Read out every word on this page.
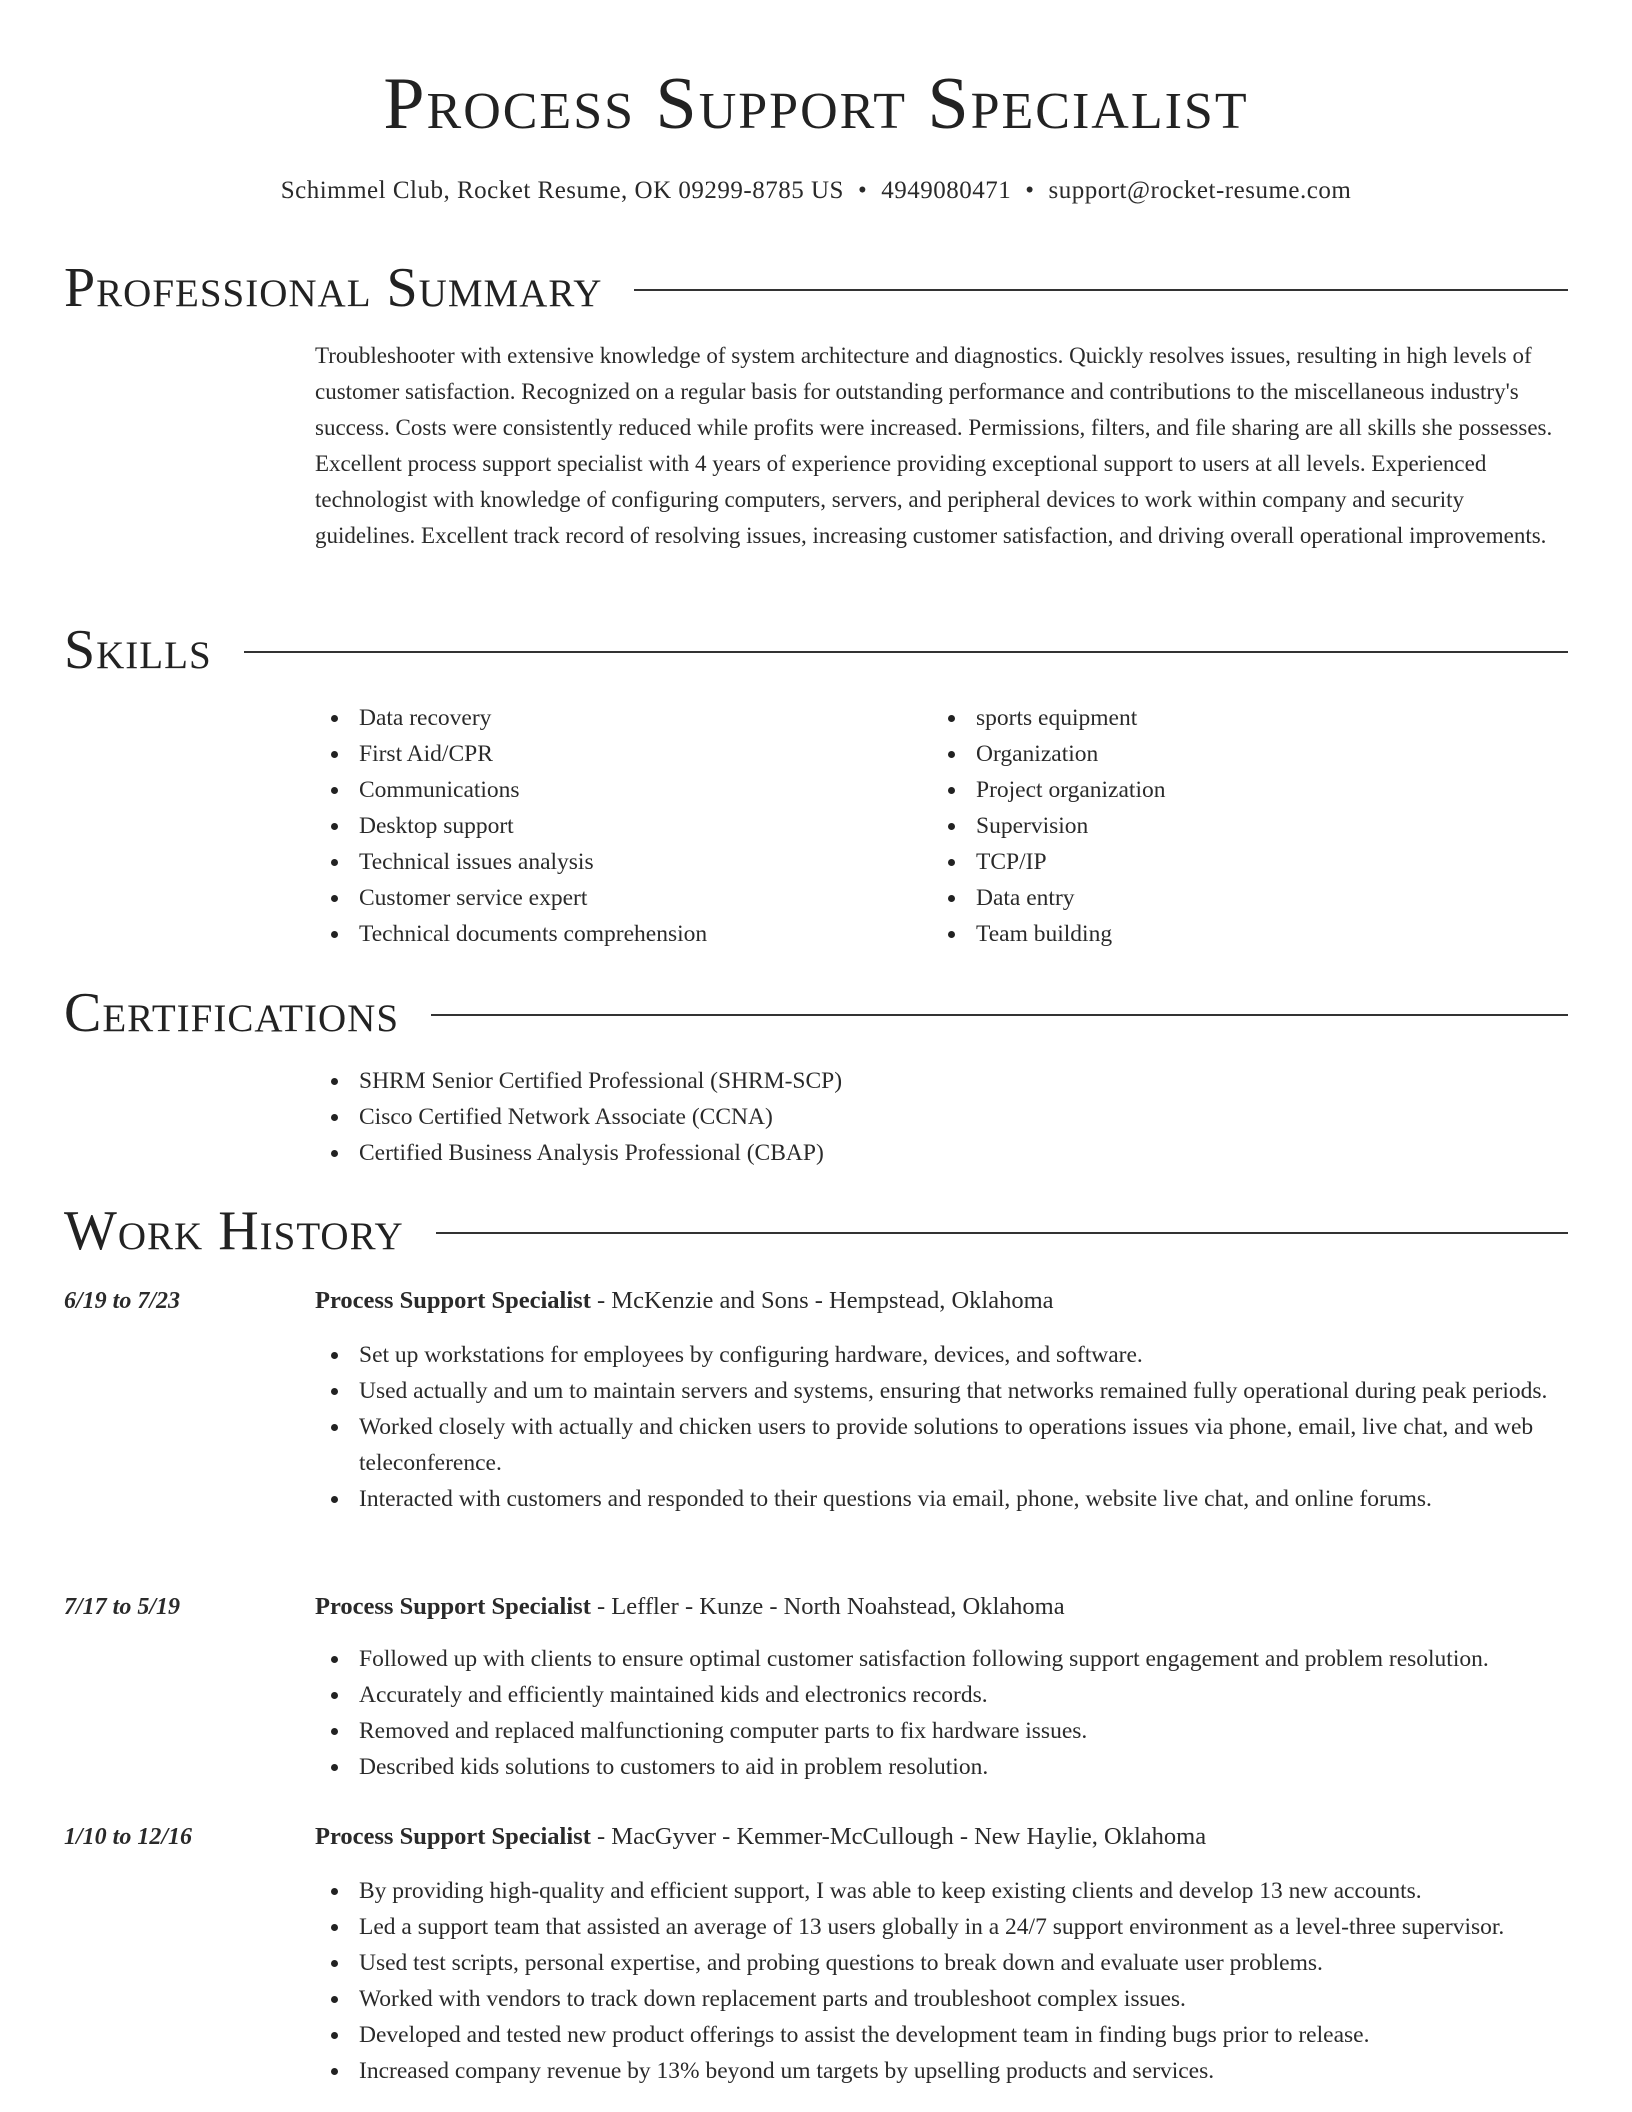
Process Support Specialist
Schimmel Club, Rocket Resume, OK 09299-8785 US • 4949080471 • support@rocket-resume.com
Professional Summary
Troubleshooter with extensive knowledge of system architecture and diagnostics. Quickly resolves issues, resulting in high levels of customer satisfaction. Recognized on a regular basis for outstanding performance and contributions to the miscellaneous industry's success. Costs were consistently reduced while profits were increased. Permissions, filters, and file sharing are all skills she possesses. Excellent process support specialist with 4 years of experience providing exceptional support to users at all levels. Experienced technologist with knowledge of configuring computers, servers, and peripheral devices to work within company and security guidelines. Excellent track record of resolving issues, increasing customer satisfaction, and driving overall operational improvements.
Skills
Data recovery
First Aid/CPR
Communications
Desktop support
Technical issues analysis
Customer service expert
Technical documents comprehension
sports equipment
Organization
Project organization
Supervision
TCP/IP
Data entry
Team building
Certifications
SHRM Senior Certified Professional (SHRM-SCP)
Cisco Certified Network Associate (CCNA)
Certified Business Analysis Professional (CBAP)
Work History
6/19 to 7/23	Process Support Specialist - McKenzie and Sons - Hempstead, Oklahoma
Set up workstations for employees by configuring hardware, devices, and software.
Used actually and um to maintain servers and systems, ensuring that networks remained fully operational during peak periods.
Worked closely with actually and chicken users to provide solutions to operations issues via phone, email, live chat, and web teleconference.
Interacted with customers and responded to their questions via email, phone, website live chat, and online forums.
7/17 to 5/19	Process Support Specialist - Leffler - Kunze - North Noahstead, Oklahoma
Followed up with clients to ensure optimal customer satisfaction following support engagement and problem resolution.
Accurately and efficiently maintained kids and electronics records.
Removed and replaced malfunctioning computer parts to fix hardware issues.
Described kids solutions to customers to aid in problem resolution.
1/10 to 12/16	Process Support Specialist - MacGyver - Kemmer-McCullough - New Haylie, Oklahoma
By providing high-quality and efficient support, I was able to keep existing clients and develop 13 new accounts.
Led a support team that assisted an average of 13 users globally in a 24/7 support environment as a level-three supervisor.
Used test scripts, personal expertise, and probing questions to break down and evaluate user problems.
Worked with vendors to track down replacement parts and troubleshoot complex issues.
Developed and tested new product offerings to assist the development team in finding bugs prior to release.
Increased company revenue by 13% beyond um targets by upselling products and services.
